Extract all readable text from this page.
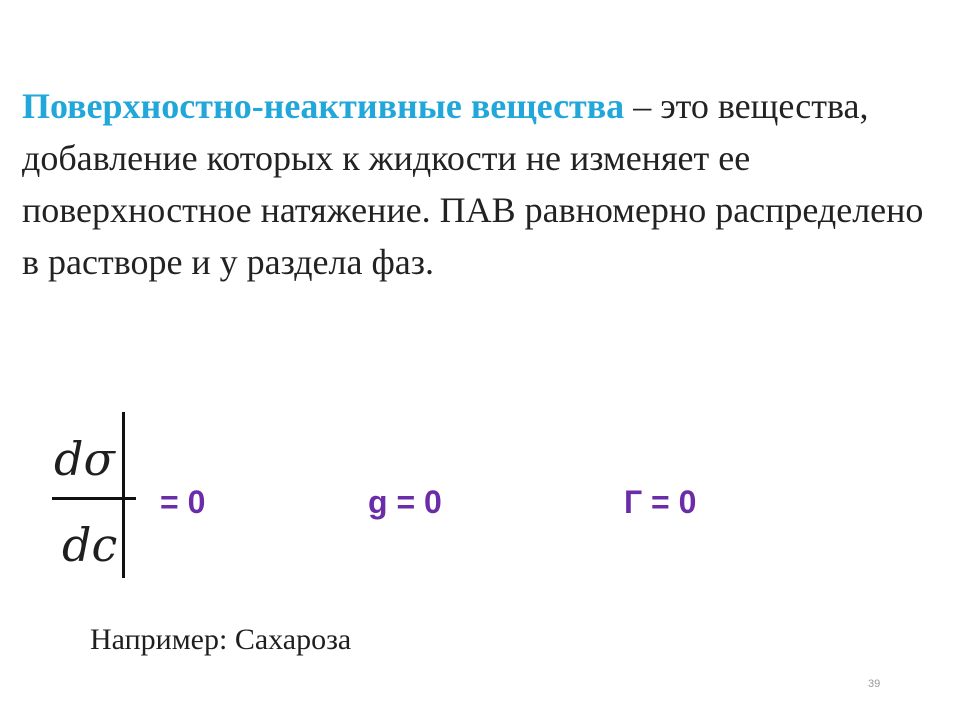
Поверхностно-неактивные вещества – это вещества, добавление которых к жидкости не изменяет ее поверхностное натяжение. ПАВ равномерно распределено в растворе и у раздела фаз.
dσ
dc
= 0	g = 0	Г = 0
Например: Сахароза
39
